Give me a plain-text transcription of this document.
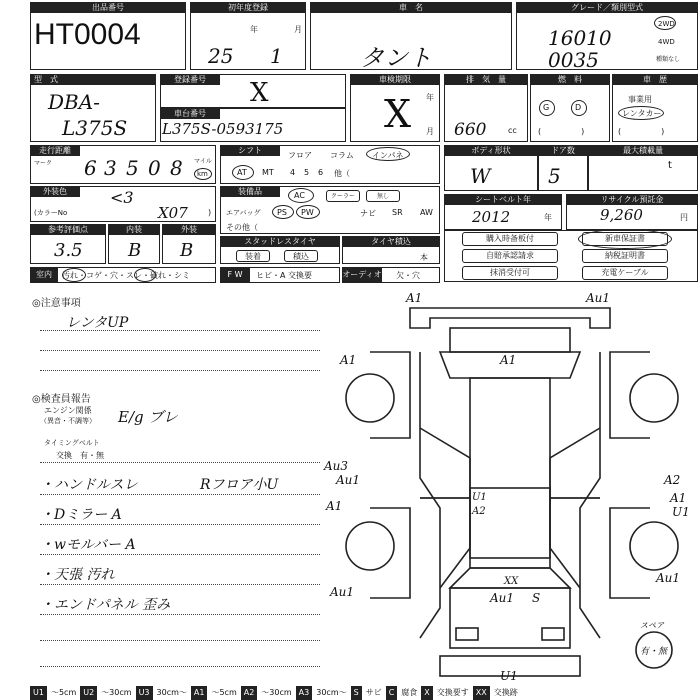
出品番号
HT0004
初年度登録
年	月
25 1
車　名
タント
グレード／類別型式
16010
0035
2WD
4WD
種類なし
型　式
DBA-
L375S
登録番号	X
車台番号
L375S-0593175
車検期限
X 年
月
排　気　量
660	cc
燃　料
G	D
(　　　　　)
車　歴
事業用
レンタカー
(　　　　　)
走行距離
マーク 6 3 5 0 8 マイル
km
シフト
フロア コラム インパネ
AT MT 4 5 6 他（
ボディ形状
W
ドア数
5
最大積載量
t
外装色	<3
(カラーNo	X07	)
装備品	AC	クーラー	無し
エアバッグ PS PW	ナビ SR AW
その他（
シートベルト年
2012	年
リサイクル預託金
9,260	円
参考評価点
3.5
内装
B
外装
B	スタッドレスタイヤ
装着	積込
タイヤ積込
本
購入時备板付
自賠承認請求
抹消受付可
新車保証書
納税証明書
充電ケーブル
室内	汚れ・コゲ・穴・スレ・破れ・シミ	F W	ヒビ・A 交換要	オーディオ 欠・穴
◎注意事項
レンタUP
◎検査員報告
エンジン関係
（異音・不調等） E/g ブレ
タイミングベルト
交換　有・無
・ハンドルスレ	Rフロア小U
・Dミラー A
・wモルバー A
・天張 汚れ
・エンドパネル 歪み
A1	Au1
A1
A1
Au3
A1
U1
A2
A2
A1
U1
XX
Au1 S
Au1
Au1
U1
Au1
スペア
有・無
U1 〜5cm U2 〜30cm U3 30cm〜 A1 〜5cm A2 〜30cm A3 30cm〜 S サビ C 腐食 X 交換要す XX 交換跡
